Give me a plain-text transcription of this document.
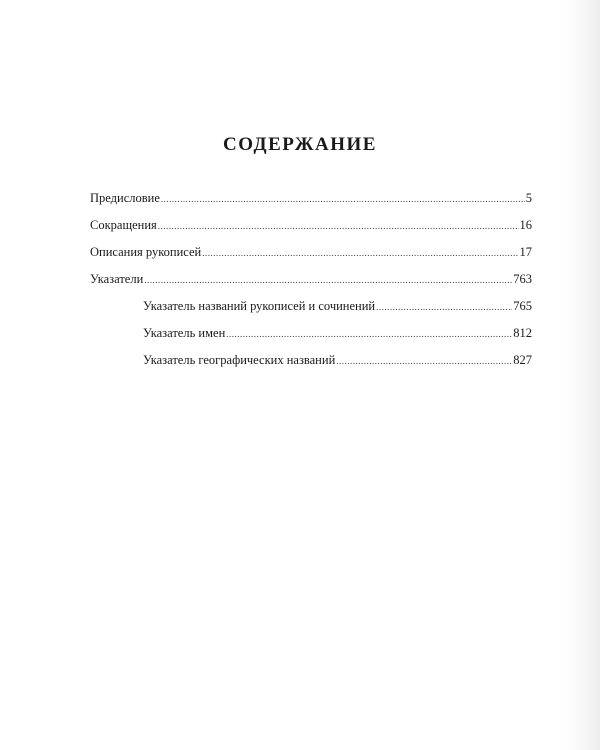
СОДЕРЖАНИЕ
Предисловие .....	5
Сокращения .....	16
Описания рукописей .....	17
Указатели .....	763
Указатель названий рукописей и сочинений .....	765
Указатель имен .....	812
Указатель географических названий .....	827
